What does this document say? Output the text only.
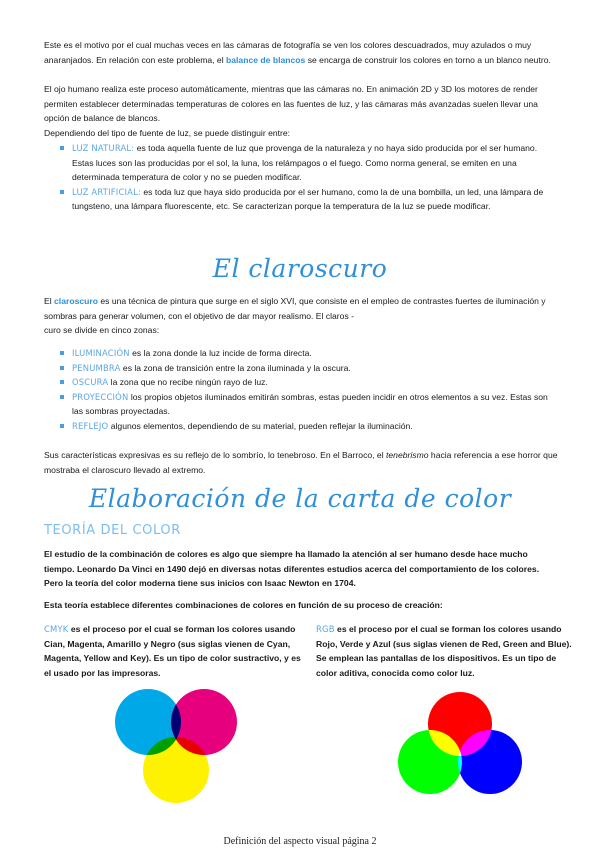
Este es el motivo por el cual muchas veces en las cámaras de fotografía se ven los colores descuadrados, muy azulados o muy anaranjados. En relación con este problema, el balance de blancos se encarga de construir los colores en torno a un blanco neutro.

El ojo humano realiza este proceso automáticamente, mientras que las cámaras no. En animación 2D y 3D los motores de render permiten establecer determinadas temperaturas de colores en las fuentes de luz, y las cámaras más avanzadas suelen llevar una opción de balance de blancos.

Dependiendo del tipo de fuente de luz, se puede distinguir entre:

LUZ NATURAL: es toda aquella fuente de luz que provenga de la naturaleza y no haya sido producida por el ser humano. Estas luces son las producidas por el sol, la luna, los relámpagos o el fuego. Como norma general, se emiten en una determinada temperatura de color y no se pueden modificar.
LUZ ARTIFICIAL: es toda luz que haya sido producida por el ser humano, como la de una bombilla, un led, una lámpara de tungsteno, una lámpara fluorescente, etc. Se caracterizan porque la temperatura de la luz se puede modificar.
El claroscuro

El claroscuro es una técnica de pintura que surge en el siglo XVI, que consiste en el empleo de contrastes fuertes de iluminación y sombras para generar volumen, con el objetivo de dar mayor realismo. El claros -
curo se divide en cinco zonas:

ILUMINACIÓN es la zona donde la luz incide de forma directa.
PENUMBRA es la zona de transición entre la zona iluminada y la oscura.
OSCURA la zona que no recibe ningún rayo de luz.
PROYECCIÓN los propios objetos iluminados emitirán sombras, estas pueden incidir en otros elementos a su vez. Estas son las sombras proyectadas.
REFLEJO algunos elementos, dependiendo de su material, pueden reflejar la iluminación.

Sus características expresivas es su reflejo de lo sombrío, lo tenebroso. En el Barroco, el tenebrismo hacia referencia a ese horror que mostraba el claroscuro llevado al extremo.

Elaboración de la carta de color
TEORÍA DEL COLOR

El estudio de la combinación de colores es algo que siempre ha llamado la atención al ser humano desde hace mucho tiempo. Leonardo Da Vinci en 1490 dejó en diversas notas diferentes estudios acerca del comportamiento de los colores. Pero la teoría del color moderna tiene sus inicios con Isaac Newton en 1704.

Esta teoría establece diferentes combinaciones de colores en función de su proceso de creación:

CMYK es el proceso por el cual se forman los colores usando Cian, Magenta, Amarillo y Negro (sus siglas vienen de Cyan, Magenta, Yellow and Key). Es un tipo de color sustractivo, y es el usado por las impresoras.
RGB es el proceso por el cual se forman los colores usando Rojo, Verde y Azul (sus siglas vienen de Red, Green and Blue). Se emplean las pantallas de los dispositivos. Es un tipo de color aditiva, conocida como color luz.
Definición del aspecto visual página 2
